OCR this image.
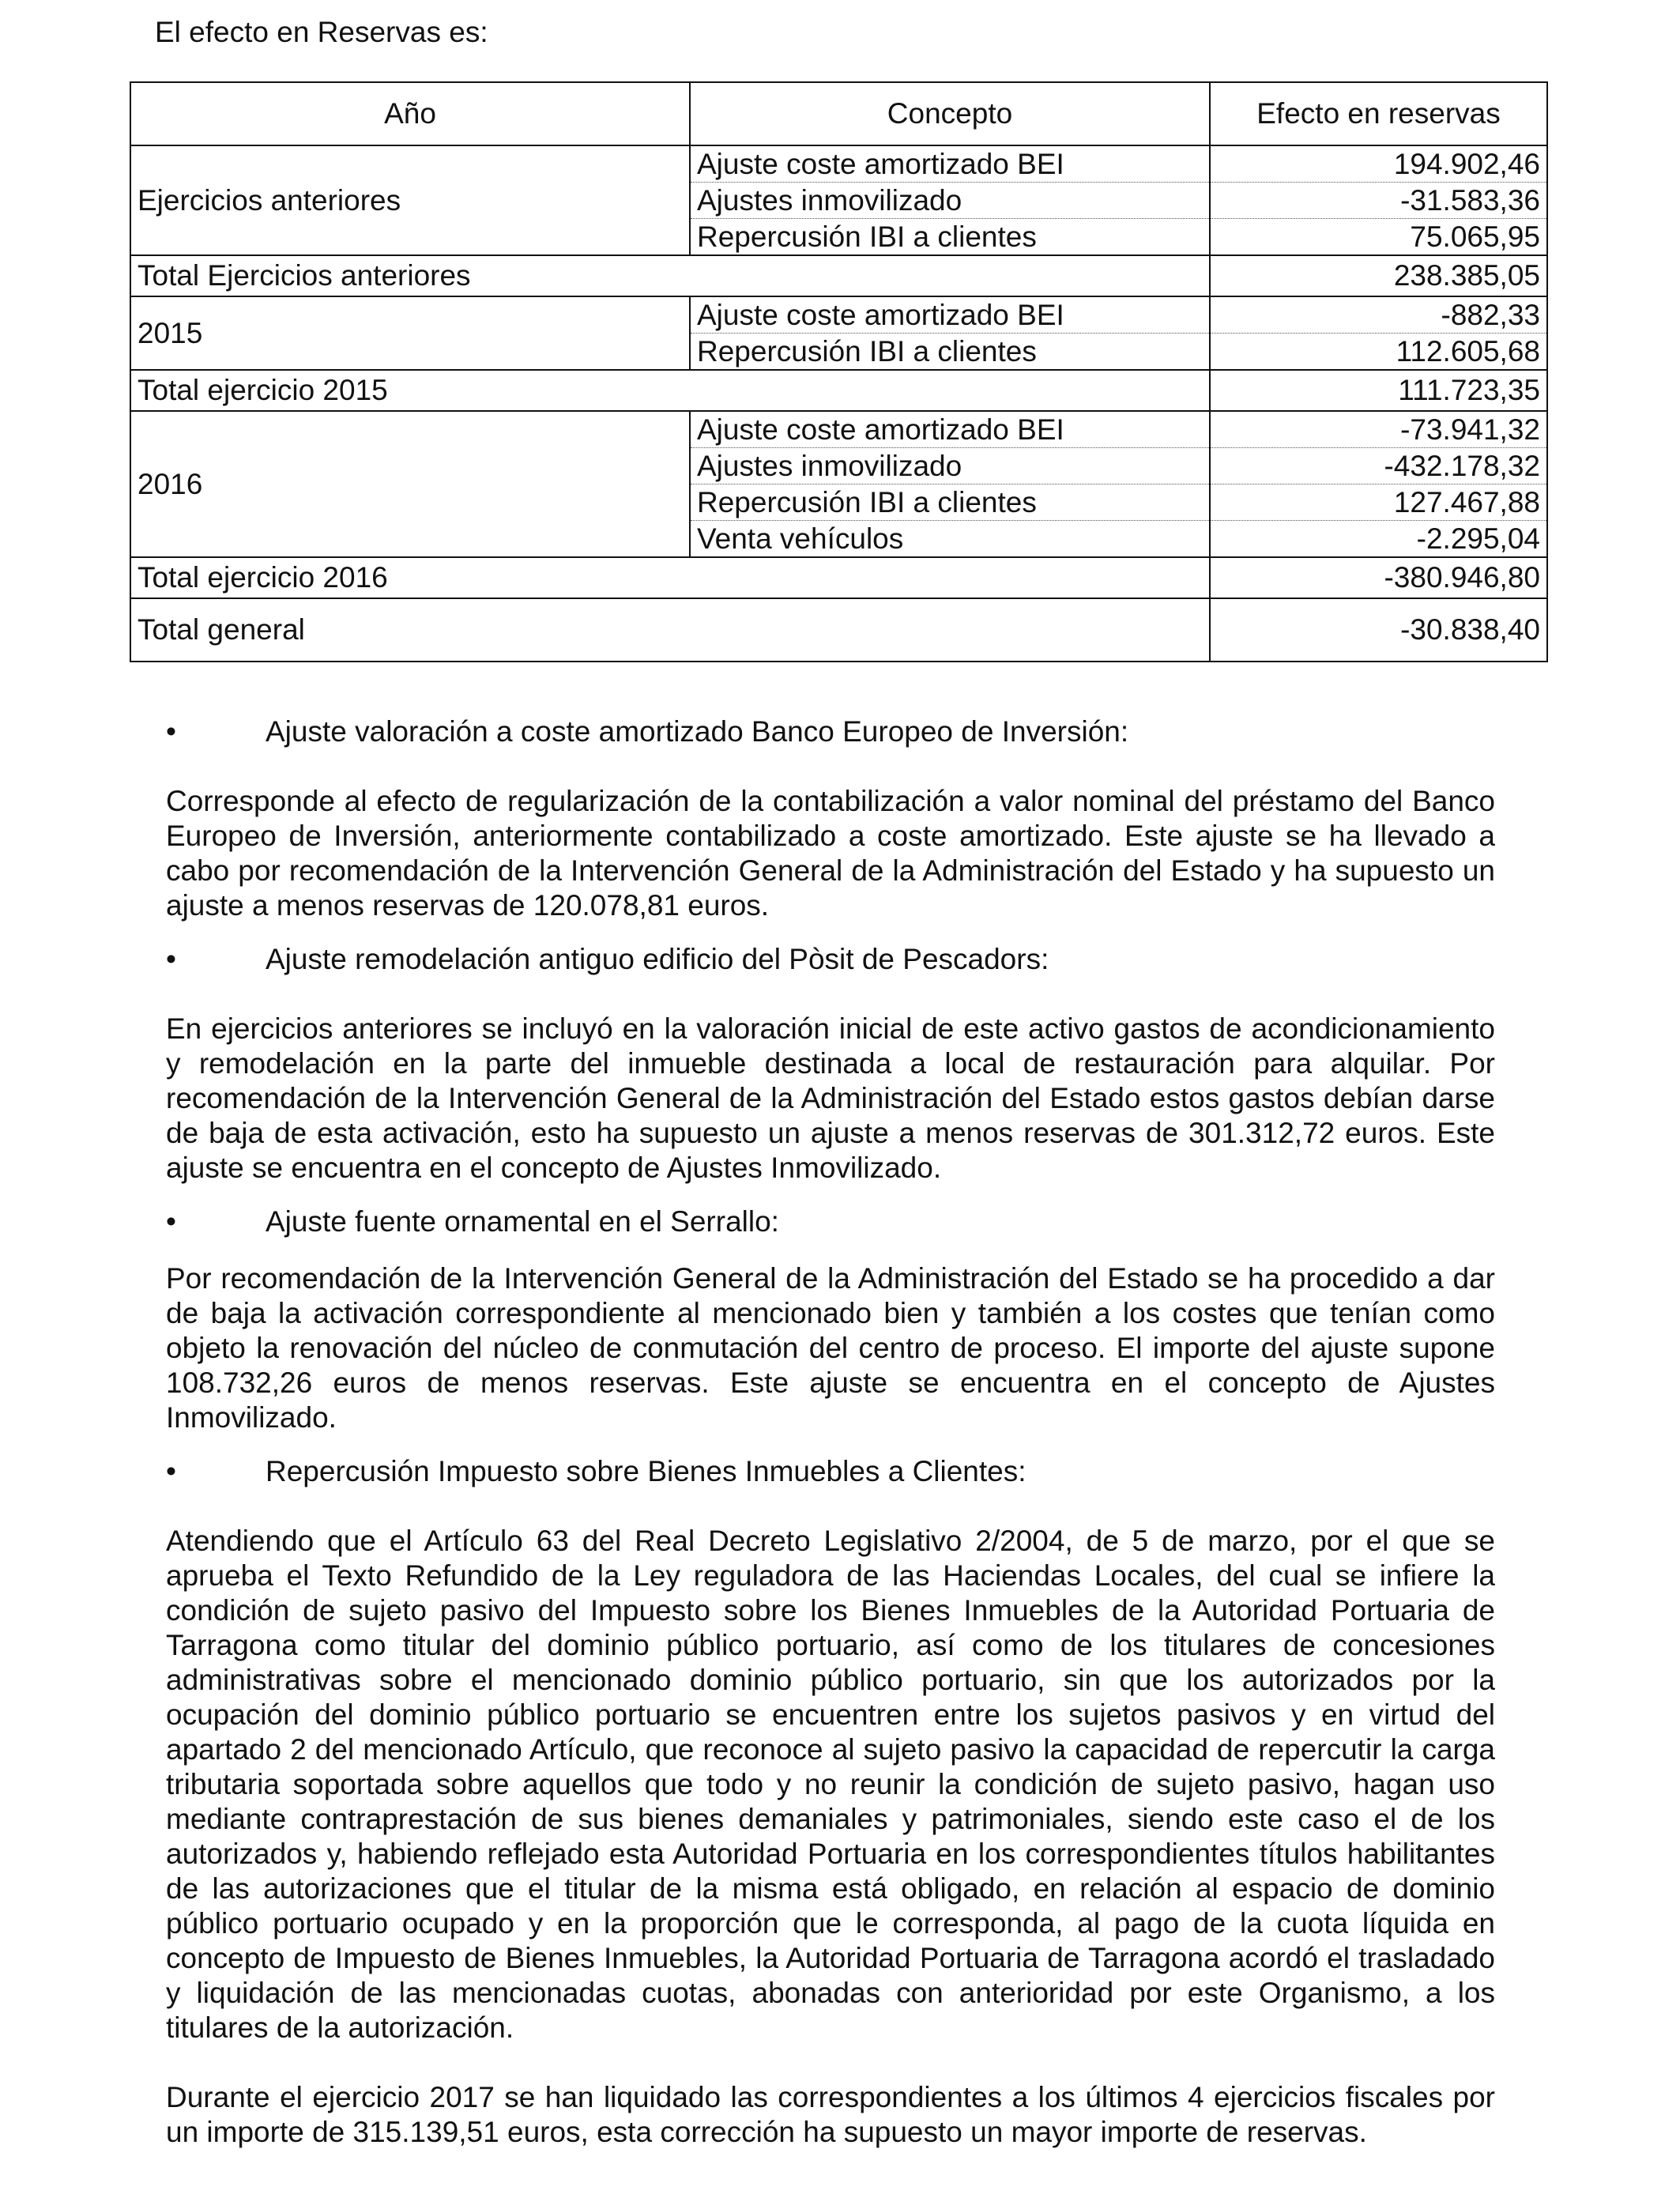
El efecto en Reservas es:
Año	Concepto	Efecto en reservas
Ejercicios anteriores	Ajuste coste amortizado BEI	194.902,46
	Ajustes inmovilizado	-31.583,36
	Repercusión IBI a clientes	75.065,95
Total Ejercicios anteriores		238.385,05
2015	Ajuste coste amortizado BEI	-882,33
	Repercusión IBI a clientes	112.605,68
Total ejercicio 2015		111.723,35
2016	Ajuste coste amortizado BEI	-73.941,32
	Ajustes inmovilizado	-432.178,32
	Repercusión IBI a clientes	127.467,88
	Venta vehículos	-2.295,04
Total ejercicio 2016		-380.946,80
Total general		-30.838,40

•	Ajuste valoración a coste amortizado Banco Europeo de Inversión:

Corresponde al efecto de regularización de la contabilización a valor nominal del préstamo del Banco Europeo de Inversión, anteriormente contabilizado a coste amortizado. Este ajuste se ha llevado a cabo por recomendación de la Intervención General de la Administración del Estado y ha supuesto un ajuste a menos reservas de 120.078,81 euros.

•	Ajuste remodelación antiguo edificio del Pòsit de Pescadors:

En ejercicios anteriores se incluyó en la valoración inicial de este activo gastos de acondicionamiento y remodelación en la parte del inmueble destinada a local de restauración para alquilar. Por recomendación de la Intervención General de la Administración del Estado estos gastos debían darse de baja de esta activación, esto ha supuesto un ajuste a menos reservas de 301.312,72 euros. Este ajuste se encuentra en el concepto de Ajustes Inmovilizado.

•	Ajuste fuente ornamental en el Serrallo:

Por recomendación de la Intervención General de la Administración del Estado se ha procedido a dar de baja la activación correspondiente al mencionado bien y también a los costes que tenían como objeto la renovación del núcleo de conmutación del centro de proceso. El importe del ajuste supone 108.732,26 euros de menos reservas. Este ajuste se encuentra en el concepto de Ajustes Inmovilizado.

•	Repercusión Impuesto sobre Bienes Inmuebles a Clientes:

Atendiendo que el Artículo 63 del Real Decreto Legislativo 2/2004, de 5 de marzo, por el que se aprueba el Texto Refundido de la Ley reguladora de las Haciendas Locales, del cual se infiere la condición de sujeto pasivo del Impuesto sobre los Bienes Inmuebles de la Autoridad Portuaria de Tarragona como titular del dominio público portuario, así como de los titulares de concesiones administrativas sobre el mencionado dominio público portuario, sin que los autorizados por la ocupación del dominio público portuario se encuentren entre los sujetos pasivos y en virtud del apartado 2 del mencionado Artículo, que reconoce al sujeto pasivo la capacidad de repercutir la carga tributaria soportada sobre aquellos que todo y no reunir la condición de sujeto pasivo, hagan uso mediante contraprestación de sus bienes demaniales y patrimoniales, siendo este caso el de los autorizados y, habiendo reflejado esta Autoridad Portuaria en los correspondientes títulos habilitantes de las autorizaciones que el titular de la misma está obligado, en relación al espacio de dominio público portuario ocupado y en la proporción que le corresponda, al pago de la cuota líquida en concepto de Impuesto de Bienes Inmuebles, la Autoridad Portuaria de Tarragona acordó el trasladado y liquidación de las mencionadas cuotas, abonadas con anterioridad por este Organismo, a los titulares de la autorización.

Durante el ejercicio 2017 se han liquidado las correspondientes a los últimos 4 ejercicios fiscales por un importe de 315.139,51 euros, esta corrección ha supuesto un mayor importe de reservas.
